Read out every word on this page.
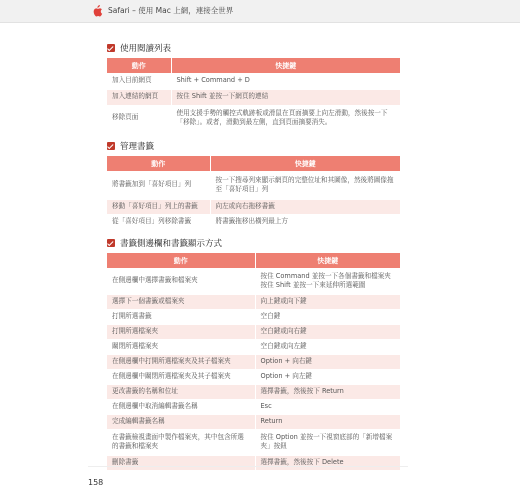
Safari – 使用 Mac 上網，連接全世界
使用閱讀列表
動作	快捷鍵
加入目前網頁	Shift + Command + D
加入連結的網頁	按住 Shift 並按一下網頁的連結
移除頁面	使用支援手勢的觸控式軌跡板或滑鼠在頁面摘要上向左滑動，然後按一下「移除」。或者，滑動到最左側，直到頁面摘要消失。
管理書籤
動作	快捷鍵
將書籤加到「喜好項目」列	按一下搜尋列來顯示網頁的完整位址和其圖像，然後將圖像拖至「喜好項目」列
移動「喜好項目」列上的書籤	向左或向右拖移書籤
從「喜好項目」列移除書籤	將書籤拖移出橫列最上方
書籤側邊欄和書籤顯示方式
動作	快捷鍵
在側邊欄中選擇書籤和檔案夾	按住 Command 並按一下各個書籤和檔案夾按住 Shift 並按一下來延伸所選範圍
選擇下一個書籤或檔案夾	向上鍵或向下鍵
打開所選書籤	空白鍵
打開所選檔案夾	空白鍵或向右鍵
關閉所選檔案夾	空白鍵或向左鍵
在側邊欄中打開所選檔案夾及其子檔案夾	Option + 向右鍵
在側邊欄中關閉所選檔案夾及其子檔案夾	Option + 向左鍵
更改書籤的名稱和位址	選擇書籤，然後按下 Return
在側邊欄中取消編輯書籤名稱	Esc
完成編輯書籤名稱	Return
在書籤檢視畫面中製作檔案夾，其中包含所選的書籤和檔案夾	按住 Option 並按一下視窗底部的「新增檔案夾」按鈕
刪除書籤	選擇書籤，然後按下 Delete
158
